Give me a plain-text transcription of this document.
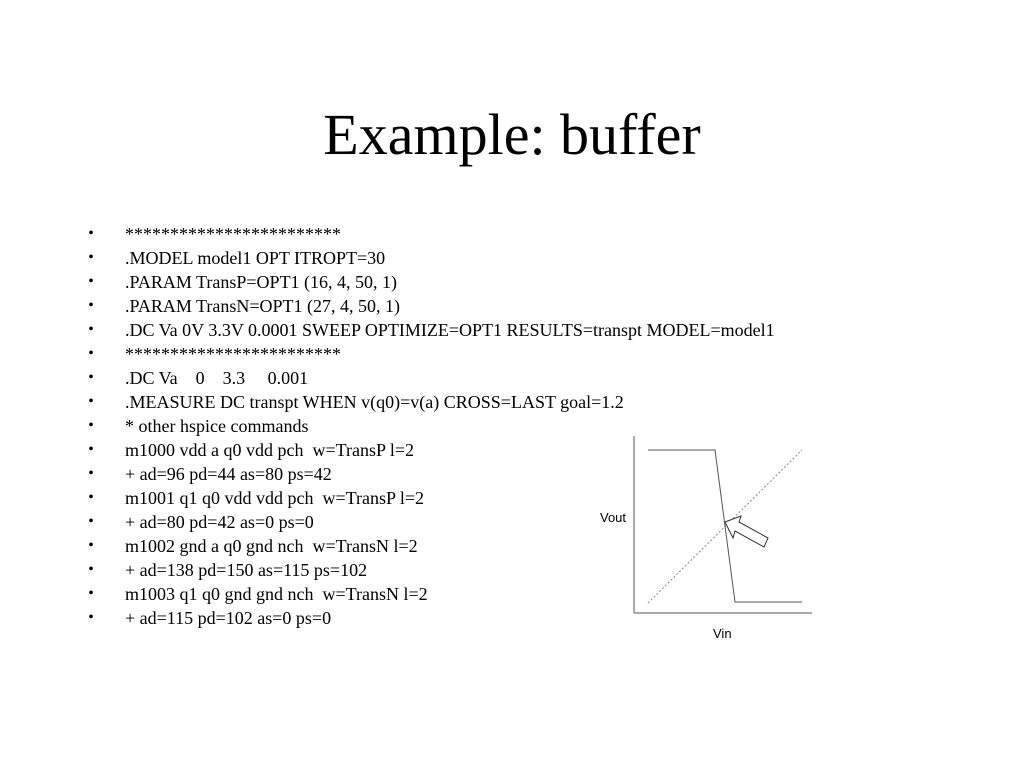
Example: buffer
• ************************
• .MODEL model1 OPT ITROPT=30
• .PARAM TransP=OPT1 (16, 4, 50, 1)
• .PARAM TransN=OPT1 (27, 4, 50, 1)
• .DC Va 0V 3.3V 0.0001 SWEEP OPTIMIZE=OPT1 RESULTS=transpt MODEL=model1
• ************************
• .DC Va    0    3.3     0.001
• .MEASURE DC transpt WHEN v(q0)=v(a) CROSS=LAST goal=1.2
• * other hspice commands
• m1000 vdd a q0 vdd pch  w=TransP l=2
• + ad=96 pd=44 as=80 ps=42
• m1001 q1 q0 vdd vdd pch  w=TransP l=2
• + ad=80 pd=42 as=0 ps=0
• m1002 gnd a q0 gnd nch  w=TransN l=2
• + ad=138 pd=150 as=115 ps=102
• m1003 q1 q0 gnd gnd nch  w=TransN l=2
• + ad=115 pd=102 as=0 ps=0
Vout
Vin
